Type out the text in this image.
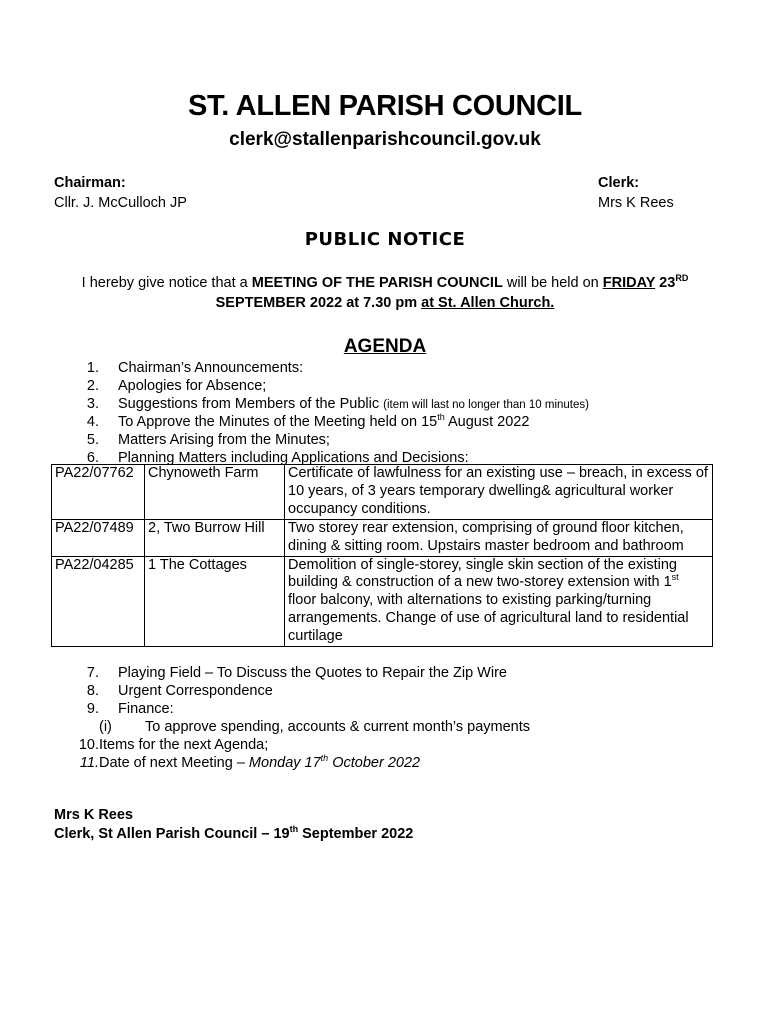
ST. ALLEN PARISH COUNCIL
clerk@stallenparishcouncil.gov.uk
Chairman:
Cllr. J. McCulloch JP
Clerk:
Mrs K Rees
PUBLIC NOTICE
I hereby give notice that a MEETING OF THE PARISH COUNCIL will be held on FRIDAY 23RD
SEPTEMBER 2022 at 7.30 pm at St. Allen Church.
AGENDA
1. Chairman’s Announcements:
2. Apologies for Absence;
3. Suggestions from Members of the Public (item will last no longer than 10 minutes)
4. To Approve the Minutes of the Meeting held on 15th August 2022
5. Matters Arising from the Minutes;
6. Planning Matters including Applications and Decisions:
PA22/07762	Chynoweth Farm	Certificate of lawfulness for an existing use – breach, in excess of 10 years, of 3 years temporary dwelling& agricultural worker occupancy conditions.
PA22/07489	2, Two Burrow Hill	Two storey rear extension, comprising of ground floor kitchen, dining & sitting room. Upstairs master bedroom and bathroom
PA22/04285	1 The Cottages	Demolition of single-storey, single skin section of the existing building & construction of a new two-storey extension with 1st floor balcony, with alternations to existing parking/turning arrangements. Change of use of agricultural land to residential curtilage
7. Playing Field – To Discuss the Quotes to Repair the Zip Wire
8. Urgent Correspondence
9. Finance:
(i)	To approve spending, accounts & current month’s payments
10. Items for the next Agenda;
11. Date of next Meeting – Monday 17th October 2022
Mrs K Rees
Clerk, St Allen Parish Council – 19th September 2022
